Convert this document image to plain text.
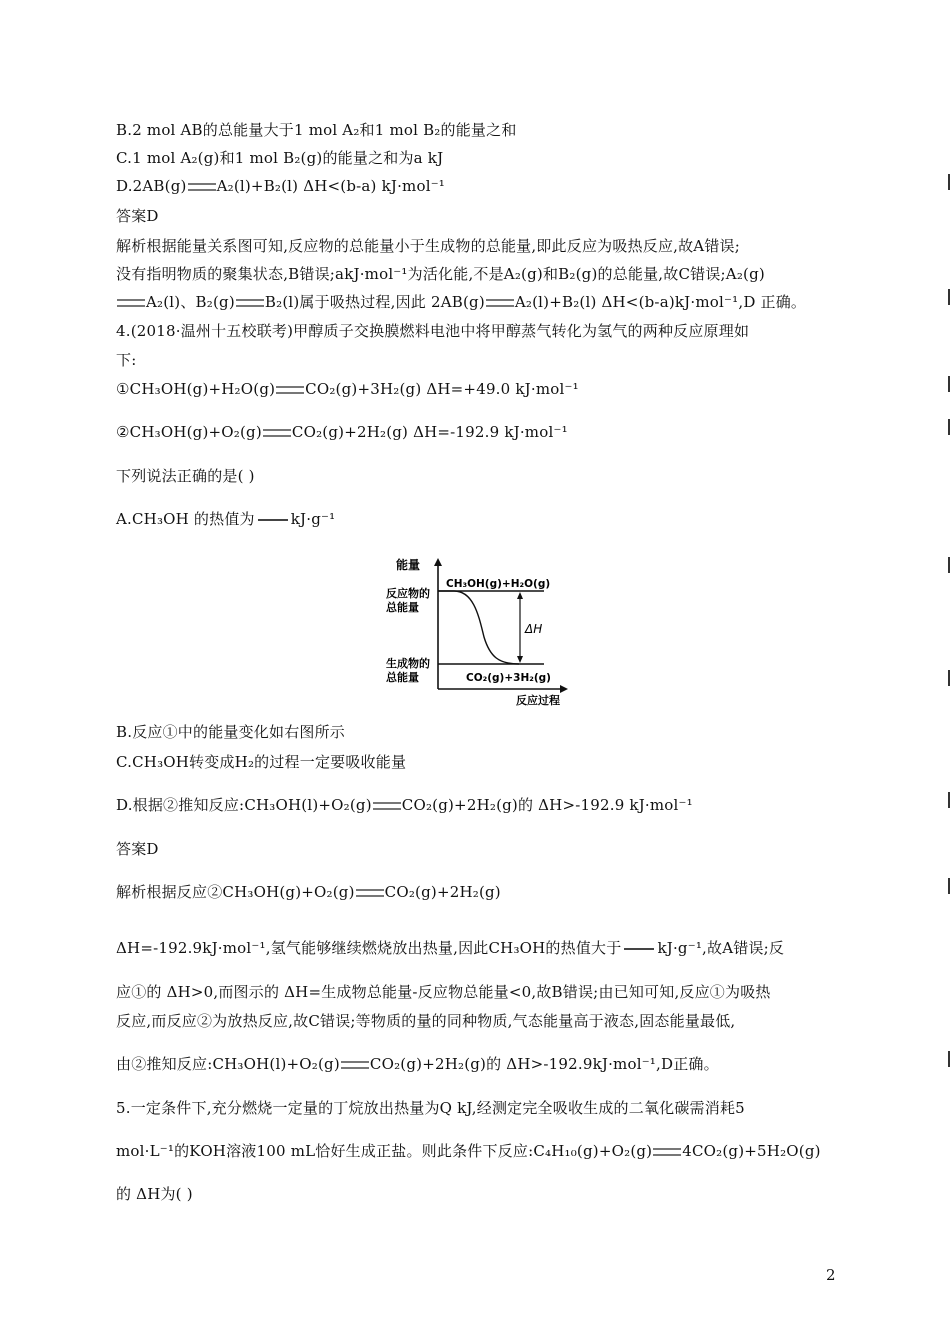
B.2 mol AB的总能量大于1 mol A₂和1 mol B₂的能量之和
C.1 mol A₂(g)和1 mol B₂(g)的能量之和为a kJ
D.2AB(g) A₂(l)+B₂(l) ΔH<(b-a) kJ·mol⁻¹
答案D
解析根据能量关系图可知,反应物的总能量小于生成物的总能量,即此反应为吸热反应,故A错误;
没有指明物质的聚集状态,B错误;akJ·mol⁻¹为活化能,不是A₂(g)和B₂(g)的总能量,故C错误;A₂(g)
A₂(l)、B₂(g) B₂(l)属于吸热过程,因此 2AB(g) A₂(l)+B₂(l) ΔH<(b-a)kJ·mol⁻¹,D 正确。
4.(2018·温州十五校联考)甲醇质子交换膜燃料电池中将甲醇蒸气转化为氢气的两种反应原理如
下:
①CH₃OH(g)+H₂O(g) CO₂(g)+3H₂(g) ΔH=+49.0 kJ·mol⁻¹
②CH₃OH(g)+O₂(g) CO₂(g)+2H₂(g) ΔH=-192.9 kJ·mol⁻¹
下列说法正确的是( )
A.CH₃OH 的热值为 kJ·g⁻¹
能量
反应物的
总能量
生成物的
总能量
CH₃OH(g)+H₂O(g)
CO₂(g)+3H₂(g)
ΔH
反应过程
B.反应①中的能量变化如右图所示
C.CH₃OH转变成H₂的过程一定要吸收能量
D.根据②推知反应:CH₃OH(l)+O₂(g) CO₂(g)+2H₂(g)的 ΔH>-192.9 kJ·mol⁻¹
答案D
解析根据反应②CH₃OH(g)+O₂(g) CO₂(g)+2H₂(g)
ΔH=-192.9kJ·mol⁻¹,氢气能够继续燃烧放出热量,因此CH₃OH的热值大于 kJ·g⁻¹,故A错误;反
应①的 ΔH>0,而图示的 ΔH=生成物总能量-反应物总能量<0,故B错误;由已知可知,反应①为吸热
反应,而反应②为放热反应,故C错误;等物质的量的同种物质,气态能量高于液态,固态能量最低,
由②推知反应:CH₃OH(l)+O₂(g) CO₂(g)+2H₂(g)的 ΔH>-192.9kJ·mol⁻¹,D正确。
5.一定条件下,充分燃烧一定量的丁烷放出热量为Q kJ,经测定完全吸收生成的二氧化碳需消耗5
mol·L⁻¹的KOH溶液100 mL恰好生成正盐。则此条件下反应:C₄H₁₀(g)+O₂(g) 4CO₂(g)+5H₂O(g)
的 ΔH为( )
2
